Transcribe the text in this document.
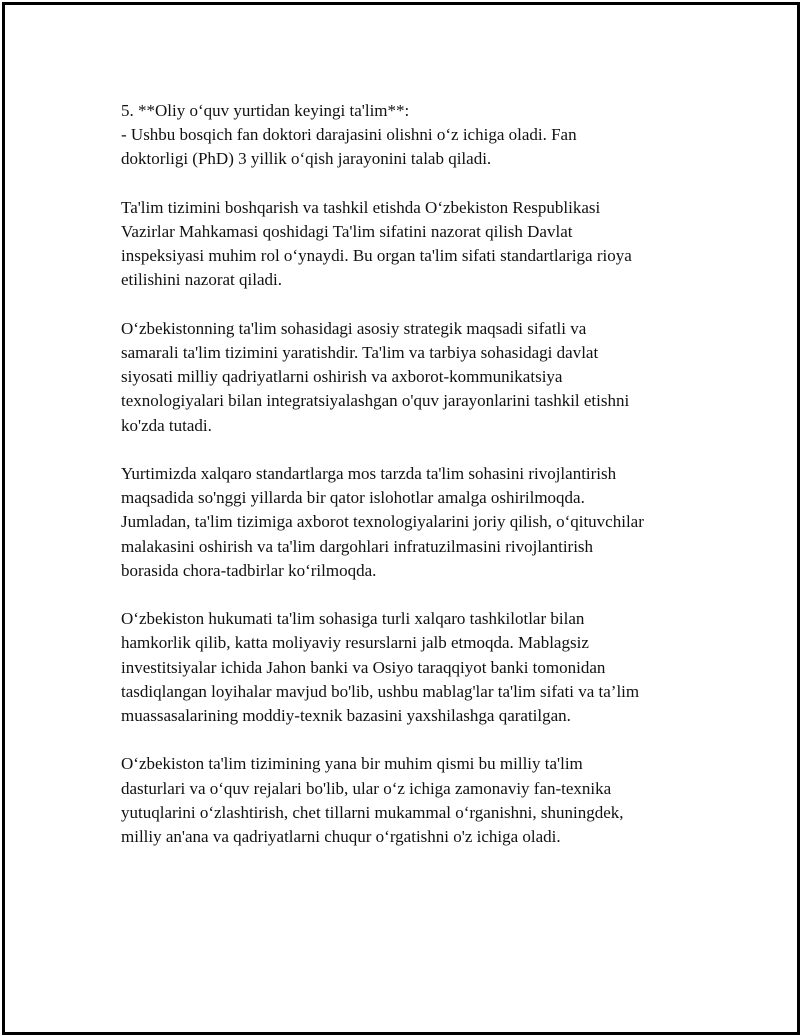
5. **Oliy o‘quv yurtidan keyingi ta'lim**:
- Ushbu bosqich fan doktori darajasini olishni o‘z ichiga oladi. Fan
doktorligi (PhD) 3 yillik o‘qish jarayonini talab qiladi.

Ta'lim tizimini boshqarish va tashkil etishda O‘zbekiston Respublikasi
Vazirlar Mahkamasi qoshidagi Ta'lim sifatini nazorat qilish Davlat
inspeksiyasi muhim rol o‘ynaydi. Bu organ ta'lim sifati standartlariga rioya
etilishini nazorat qiladi.

O‘zbekistonning ta'lim sohasidagi asosiy strategik maqsadi sifatli va
samarali ta'lim tizimini yaratishdir. Ta'lim va tarbiya sohasidagi davlat
siyosati milliy qadriyatlarni oshirish va axborot-kommunikatsiya
texnologiyalari bilan integratsiyalashgan o'quv jarayonlarini tashkil etishni
ko'zda tutadi.

Yurtimizda xalqaro standartlarga mos tarzda ta'lim sohasini rivojlantirish
maqsadida so'nggi yillarda bir qator islohotlar amalga oshirilmoqda.
Jumladan, ta'lim tizimiga axborot texnologiyalarini joriy qilish, o‘qituvchilar
malakasini oshirish va ta'lim dargohlari infratuzilmasini rivojlantirish
borasida chora-tadbirlar ko‘rilmoqda.

O‘zbekiston hukumati ta'lim sohasiga turli xalqaro tashkilotlar bilan
hamkorlik qilib, katta moliyaviy resurslarni jalb etmoqda. Mablagsiz
investitsiyalar ichida Jahon banki va Osiyo taraqqiyot banki tomonidan
tasdiqlangan loyihalar mavjud bo'lib, ushbu mablag'lar ta'lim sifati va ta’lim
muassasalarining moddiy-texnik bazasini yaxshilashga qaratilgan.

O‘zbekiston ta'lim tizimining yana bir muhim qismi bu milliy ta'lim
dasturlari va o‘quv rejalari bo'lib, ular o‘z ichiga zamonaviy fan-texnika
yutuqlarini o‘zlashtirish, chet tillarni mukammal o‘rganishni, shuningdek,
milliy an'ana va qadriyatlarni chuqur o‘rgatishni o'z ichiga oladi.
